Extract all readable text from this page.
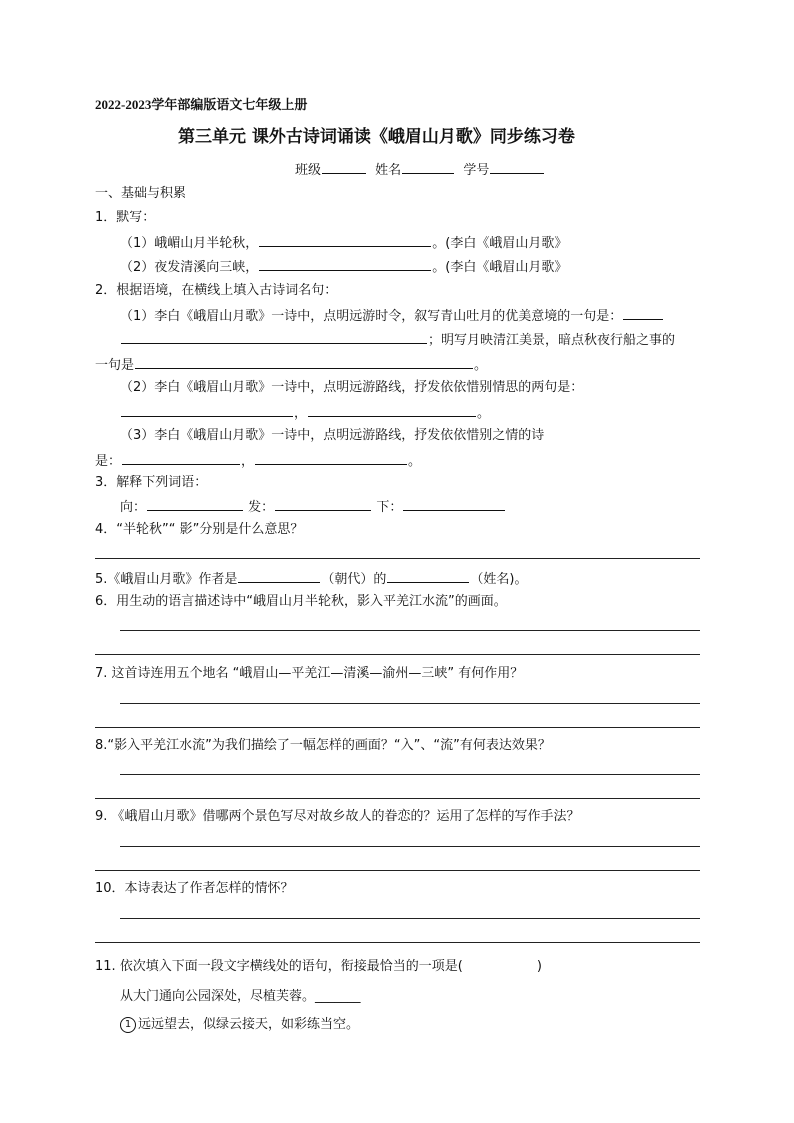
2022-2023学年部编版语文七年级上册
第三单元 课外古诗词诵读《峨眉山月歌》同步练习卷
班级	姓名	学号
一、基础与积累
1．默写：
（1）峨嵋山月半轮秋，	。(李白《峨眉山月歌》
（2）夜发清溪向三峡，	。(李白《峨眉山月歌》
2．根据语境，在横线上填入古诗词名句：
（1）李白《峨眉山月歌》一诗中，点明远游时令，叙写青山吐月的优美意境的一句是：
；明写月映清江美景，暗点秋夜行船之事的
一句是	。
（2）李白《峨眉山月歌》一诗中，点明远游路线，抒发依依惜别情思的两句是：
，	。
（3）李白《峨眉山月歌》一诗中，点明远游路线，抒发依依惜别之情的诗
是：	，	。
3．解释下列词语：
向：	发：	下：
4．“半轮秋”“ 影”分别是什么意思？
5.《峨眉山月歌》作者是	（朝代）的	（姓名)。
6．用生动的语言描述诗中“峨眉山月半轮秋，影入平羌江水流”的画面。
7. 这首诗连用五个地名 “峨眉山—平羌江—清溪—渝州—三峡” 有何作用？
8.“影入平羌江水流”为我们描绘了一幅怎样的画面？“入”、“流”有何表达效果？
9. 《峨眉山月歌》借哪两个景色写尽对故乡故人的眷恋的？运用了怎样的写作手法？
10．本诗表达了作者怎样的情怀？
11. 依次填入下面一段文字横线处的语句，衔接最恰当的一项是(	)
从大门通向公园深处，尽植芙蓉。_______
1 远远望去，似绿云接天，如彩练当空。
